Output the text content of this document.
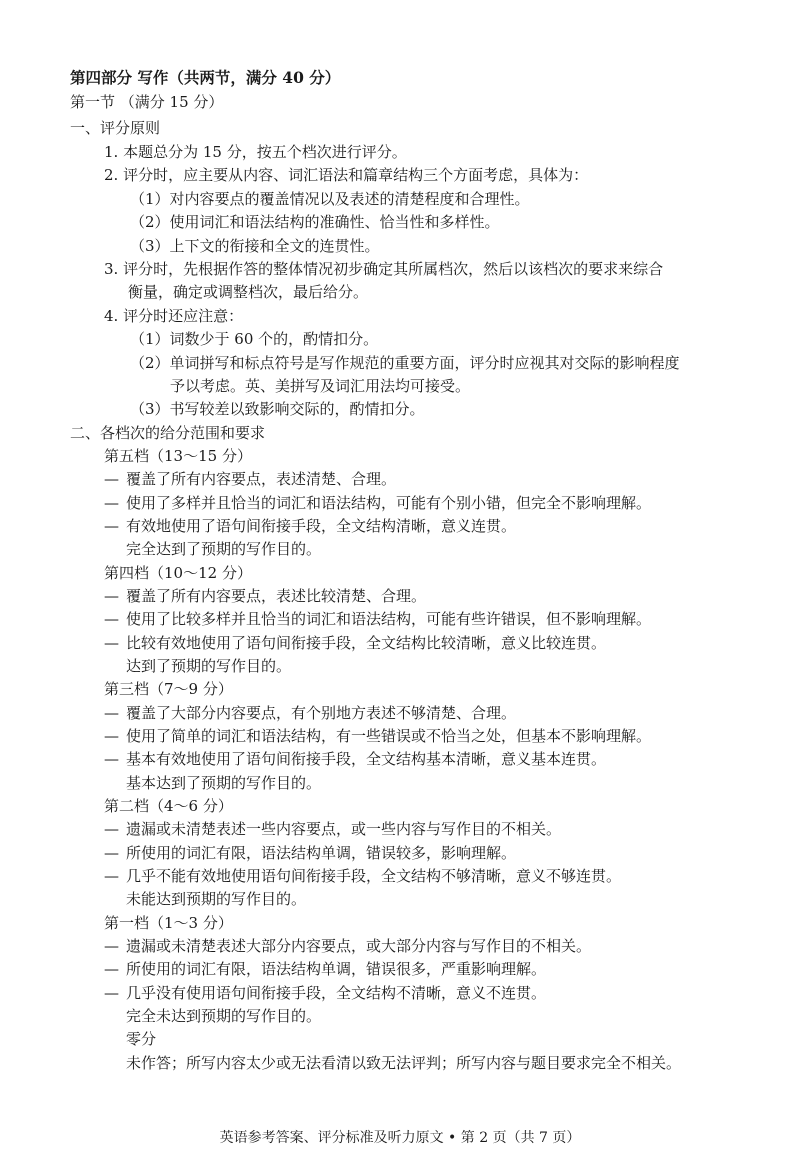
第四部分 写作（共两节，满分 40 分）
第一节 （满分 15 分）
一、评分原则
1. 本题总分为 15 分，按五个档次进行评分。
2. 评分时，应主要从内容、词汇语法和篇章结构三个方面考虑，具体为：
（1）对内容要点的覆盖情况以及表述的清楚程度和合理性。
（2）使用词汇和语法结构的准确性、恰当性和多样性。
（3）上下文的衔接和全文的连贯性。
3. 评分时，先根据作答的整体情况初步确定其所属档次，然后以该档次的要求来综合
衡量，确定或调整档次，最后给分。
4. 评分时还应注意：
（1）词数少于 60 个的，酌情扣分。
（2）单词拼写和标点符号是写作规范的重要方面，评分时应视其对交际的影响程度
予以考虑。英、美拼写及词汇用法均可接受。
（3）书写较差以致影响交际的，酌情扣分。
二、各档次的给分范围和要求
第五档（13～15 分）
— 覆盖了所有内容要点，表述清楚、合理。
— 使用了多样并且恰当的词汇和语法结构，可能有个别小错，但完全不影响理解。
— 有效地使用了语句间衔接手段，全文结构清晰，意义连贯。
完全达到了预期的写作目的。
第四档（10～12 分）
— 覆盖了所有内容要点，表述比较清楚、合理。
— 使用了比较多样并且恰当的词汇和语法结构，可能有些许错误，但不影响理解。
— 比较有效地使用了语句间衔接手段，全文结构比较清晰，意义比较连贯。
达到了预期的写作目的。
第三档（7～9 分）
— 覆盖了大部分内容要点，有个别地方表述不够清楚、合理。
— 使用了简单的词汇和语法结构，有一些错误或不恰当之处，但基本不影响理解。
— 基本有效地使用了语句间衔接手段，全文结构基本清晰，意义基本连贯。
基本达到了预期的写作目的。
第二档（4～6 分）
— 遗漏或未清楚表述一些内容要点，或一些内容与写作目的不相关。
— 所使用的词汇有限，语法结构单调，错误较多，影响理解。
— 几乎不能有效地使用语句间衔接手段，全文结构不够清晰，意义不够连贯。
未能达到预期的写作目的。
第一档（1～3 分）
— 遗漏或未清楚表述大部分内容要点，或大部分内容与写作目的不相关。
— 所使用的词汇有限，语法结构单调，错误很多，严重影响理解。
— 几乎没有使用语句间衔接手段，全文结构不清晰，意义不连贯。
完全未达到预期的写作目的。
零分
未作答；所写内容太少或无法看清以致无法评判；所写内容与题目要求完全不相关。
英语参考答案、评分标准及听力原文 • 第 2 页（共 7 页）
